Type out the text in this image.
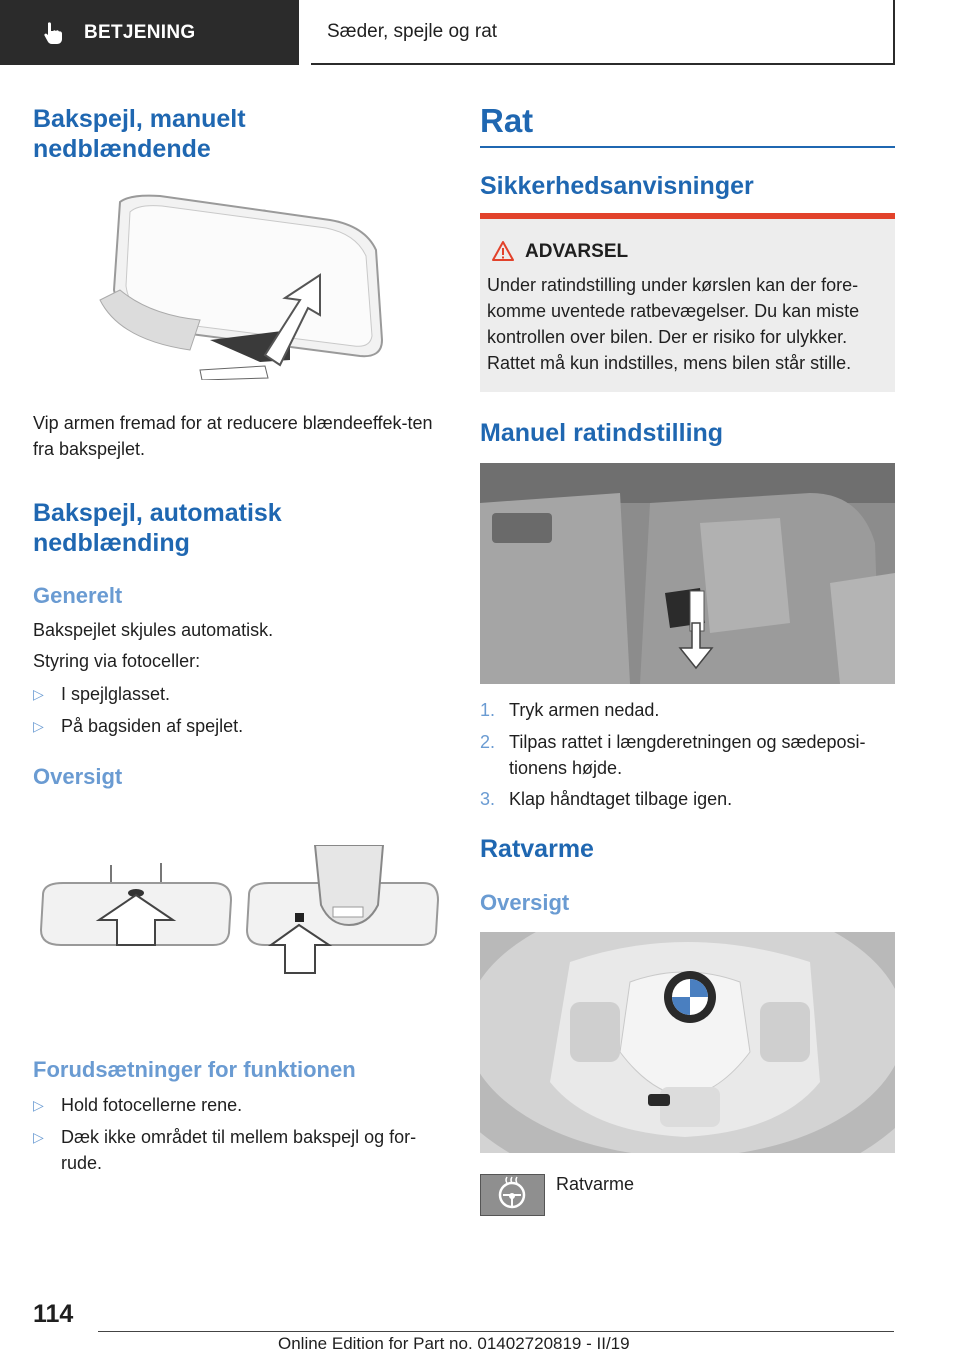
BETJENING	Sæder, spejle og rat
Bakspejl, manuelt nedblændende
Vip armen fremad for at reducere blændeeffek-ten fra bakspejlet.
Bakspejl, automatisk nedblænding
Generelt
Bakspejlet skjules automatisk.
Styring via fotoceller:
▷ I spejlglasset.
▷ På bagsiden af spejlet.
Oversigt
Forudsætninger for funktionen
▷ Hold fotocellerne rene.
▷ Dæk ikke området til mellem bakspejl og for-rude.
Rat
Sikkerhedsanvisninger
ADVARSEL
Under ratindstilling under kørslen kan der fore-komme uventede ratbevægelser. Du kan miste kontrollen over bilen. Der er risiko for ulykker. Rattet må kun indstilles, mens bilen står stille.
Manuel ratindstilling
1. Tryk armen nedad.
2. Tilpas rattet i længderetningen og sædeposi-tionens højde.
3. Klap håndtaget tilbage igen.
Ratvarme
Oversigt
Ratvarme
114
Online Edition for Part no. 01402720819 - II/19
